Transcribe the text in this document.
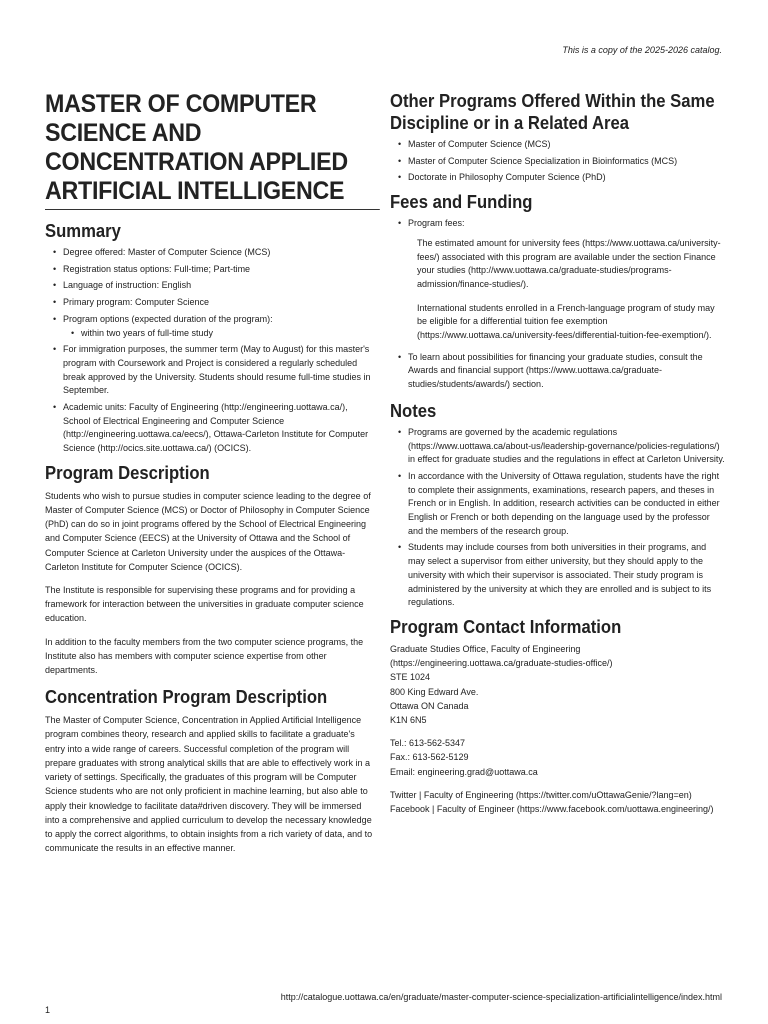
This is a copy of the 2025-2026 catalog.
MASTER OF COMPUTER SCIENCE AND CONCENTRATION APPLIED ARTIFICIAL INTELLIGENCE
Summary
• Degree offered: Master of Computer Science (MCS)
• Registration status options: Full-time; Part-time
• Language of instruction: English
• Primary program: Computer Science
• Program options (expected duration of the program):
• within two years of full-time study
• For immigration purposes, the summer term (May to August) for this master's program with Coursework and Project is considered a regularly scheduled break approved by the University. Students should resume full-time studies in September.
• Academic units: Faculty of Engineering (http://engineering.uottawa.ca/), School of Electrical Engineering and Computer Science (http://engineering.uottawa.ca/eecs/), Ottawa-Carleton Institute for Computer Science (http://ocics.site.uottawa.ca/) (OCICS).
Program Description

Students who wish to pursue studies in computer science leading to the degree of Master of Computer Science (MCS) or Doctor of Philosophy in Computer Science (PhD) can do so in joint programs offered by the School of Electrical Engineering and Computer Science (EECS) at the University of Ottawa and the School of Computer Science at Carleton University under the auspices of the Ottawa-Carleton Institute for Computer Science (OCICS).

The Institute is responsible for supervising these programs and for providing a framework for interaction between the universities in graduate computer science education.

In addition to the faculty members from the two computer science programs, the Institute also has members with computer science expertise from other departments.

Concentration Program Description

The Master of Computer Science, Concentration in Applied Artificial Intelligence program combines theory, research and applied skills to facilitate a graduate's entry into a wide range of careers. Successful completion of the program will prepare graduates with strong analytical skills that are able to effectively work in a variety of settings. Specifically, the graduates of this program will be Computer Science students who are not only proficient in machine learning, but also able to apply their knowledge to facilitate data#driven discovery. They will be immersed into a comprehensive and applied curriculum to develop the necessary knowledge to apply the correct algorithms, to obtain insights from a rich variety of data, and to communicate the results in an effective manner.

Other Programs Offered Within the Same Discipline or in a Related Area
• Master of Computer Science (MCS)
• Master of Computer Science Specialization in Bioinformatics (MCS)
• Doctorate in Philosophy Computer Science (PhD)
Fees and Funding
• Program fees:
The estimated amount for university fees (https://www.uottawa.ca/university-fees/) associated with this program are available under the section Finance your studies (http://www.uottawa.ca/graduate-studies/programs-admission/finance-studies/).
International students enrolled in a French-language program of study may be eligible for a differential tuition fee exemption (https://www.uottawa.ca/university-fees/differential-tuition-fee-exemption/).
• To learn about possibilities for financing your graduate studies, consult the Awards and financial support (https://www.uottawa.ca/graduate-studies/students/awards/) section.
Notes
• Programs are governed by the academic regulations (https://www.uottawa.ca/about-us/leadership-governance/policies-regulations/) in effect for graduate studies and the regulations in effect at Carleton University.
• In accordance with the University of Ottawa regulation, students have the right to complete their assignments, examinations, research papers, and theses in French or in English. In addition, research activities can be conducted in either English or French or both depending on the language used by the professor and the members of the research group.
• Students may include courses from both universities in their programs, and may select a supervisor from either university, but they should apply to the university with which their supervisor is associated. Their study program is administered by the university at which they are enrolled and is subject to its regulations.
Program Contact Information
Graduate Studies Office, Faculty of Engineering (https://engineering.uottawa.ca/graduate-studies-office/)
STE 1024
800 King Edward Ave.
Ottawa ON Canada
K1N 6N5
Tel.: 613-562-5347
Fax.: 613-562-5129
Email: engineering.grad@uottawa.ca
Twitter | Faculty of Engineering (https://twitter.com/uOttawaGenie/?lang=en)
Facebook | Faculty of Engineer (https://www.facebook.com/uottawa.engineering/)
http://catalogue.uottawa.ca/en/graduate/master-computer-science-specialization-artificialintelligence/index.html
1
